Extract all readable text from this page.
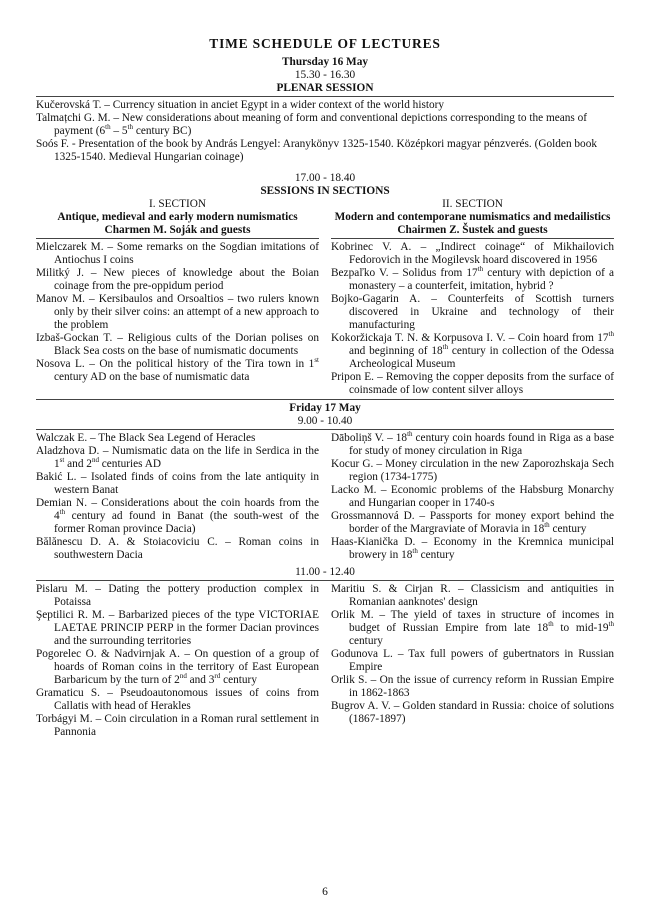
TIME SCHEDULE OF LECTURES
Thursday 16 May
15.30 - 16.30
PLENAR SESSION
Kučerovská T. – Currency situation in anciet Egypt in a wider context of the world history
Talmațchi G. M. – New considerations about meaning of form and conventional depictions corresponding to the means of payment (6th – 5th century BC)
Soós F. - Presentation of the book by András Lengyel: Aranykönyv 1325-1540. Középkori magyar pénzverés. (Golden book 1325-1540. Medieval Hungarian coinage)
17.00 - 18.40
SESSIONS IN SECTIONS
I. SECTION
Antique, medieval and early modern numismatics
Charmen M. Soják and guests
Mielczarek M. – Some remarks on the Sogdian imitations of Antiochus I coins
Militký J. – New pieces of knowledge about the Boian coinage from the pre-oppidum period
Manov M. – Kersibaulos and Orsoaltios – two rulers known only by their silver coins: an attempt of a new approach to the problem
Izbaš-Gockan T. – Religious cults of the Dorian polises on Black Sea costs on the base of numismatic documents
Nosova L. – On the political history of the Tira town in 1st century AD on the base of numismatic data
II. SECTION
Modern and contemporane numismatics and medailistics
Chairmen Z. Šustek and guests
Kobrinec V. A. – „Indirect coinage“ of Mikhailovich Fedorovich in the Mogilevsk hoard discovered in 1956
Bezpaľko V. – Solidus from 17th century with depiction of a monastery – a counterfeit, imitation, hybrid ?
Bojko-Gagarin A. – Counterfeits of Scottish turners discovered in Ukraine and technology of their manufacturing
Kokoržickaja T. N. & Korpusova I. V. – Coin hoard from 17th and beginning of 18th century in collection of the Odessa Archeological Museum
Pripon E. – Removing the copper deposits from the surface of coinsmade of low content silver alloys
Friday 17 May
9.00 - 10.40
Walczak E. – The Black Sea Legend of Heracles
Aladzhova D. – Numismatic data on the life in Serdica in the 1st and 2nd centuries AD
Bakić L. – Isolated finds of coins from the late antiquity in western Banat
Demian N. – Considerations about the coin hoards from the 4th century ad found in Banat (the south-west of the former Roman province Dacia)
Bălănescu D. A. & Stoiacoviciu C. – Roman coins in southwestern Dacia
Dāboliņš V. – 18th century coin hoards found in Riga as a base for study of money circulation in Riga
Kocur G. – Money circulation in the new Zaporozhskaja Sech region (1734-1775)
Lacko M. – Economic problems of the Habsburg Monarchy and Hungarian cooper in 1740-s
Grossmannová D. – Passports for money export behind the border of the Margraviate of Moravia in 18th century
Haas-Kianička D. – Economy in the Kremnica municipal browery in 18th century
11.00 - 12.40
Pislaru M. – Dating the pottery production complex in Potaissa
Şeptilici R. M. – Barbarized pieces of the type VICTORIAE LAETAE PRINCIP PERP in the former Dacian provinces and the surrounding territories
Pogorelec O. & Nadvirnjak A. – On question of a group of hoards of Roman coins in the territory of East European Barbaricum by the turn of 2nd and 3rd century
Gramaticu S. – Pseudoautonomous issues of coins from Callatis with head of Herakles
Torbágyi M. – Coin circulation in a Roman rural settlement in Pannonia
Maritiu S. & Cirjan R. – Classicism and antiquities in Romanian aanknotes' design
Orlik M. – The yield of taxes in structure of incomes in budget of Russian Empire from late 18th to mid-19th century
Godunova L. – Tax full powers of gubertnators in Russian Empire
Orlik S. – On the issue of currency reform in Russian Empire in 1862-1863
Bugrov A. V. – Golden standard in Russia: choice of solutions (1867-1897)
6
